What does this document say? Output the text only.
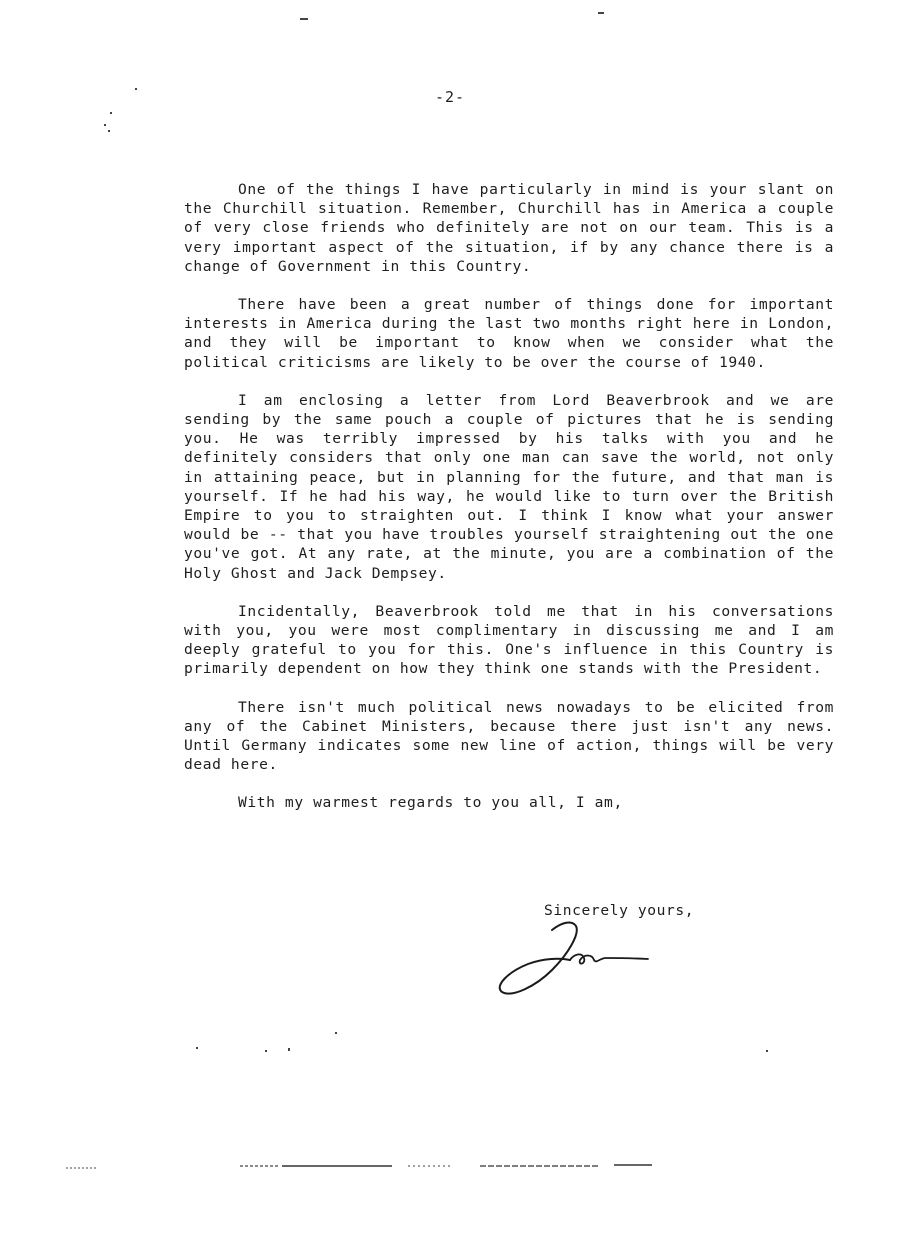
-2-

One of the things I have particularly in mind is your slant on the Churchill situation. Remember, Churchill has in America a couple of very close friends who definitely are not on our team. This is a very important aspect of the situation, if by any chance there is a change of Government in this Country.

There have been a great number of things done for important interests in America during the last two months right here in London, and they will be important to know when we consider what the political criticisms are likely to be over the course of 1940.

I am enclosing a letter from Lord Beaverbrook and we are sending by the same pouch a couple of pictures that he is sending you. He was terribly impressed by his talks with you and he definitely considers that only one man can save the world, not only in attaining peace, but in planning for the future, and that man is yourself. If he had his way, he would like to turn over the British Empire to you to straighten out. I think I know what your answer would be -- that you have troubles yourself straightening out the one you've got. At any rate, at the minute, you are a combination of the Holy Ghost and Jack Dempsey.

Incidentally, Beaverbrook told me that in his conversations with you, you were most complimentary in discussing me and I am deeply grateful to you for this. One's influence in this Country is primarily dependent on how they think one stands with the President.

There isn't much political news nowadays to be elicited from any of the Cabinet Ministers, because there just isn't any news. Until Germany indicates some new line of action, things will be very dead here.

With my warmest regards to you all, I am,

Sincerely yours,
